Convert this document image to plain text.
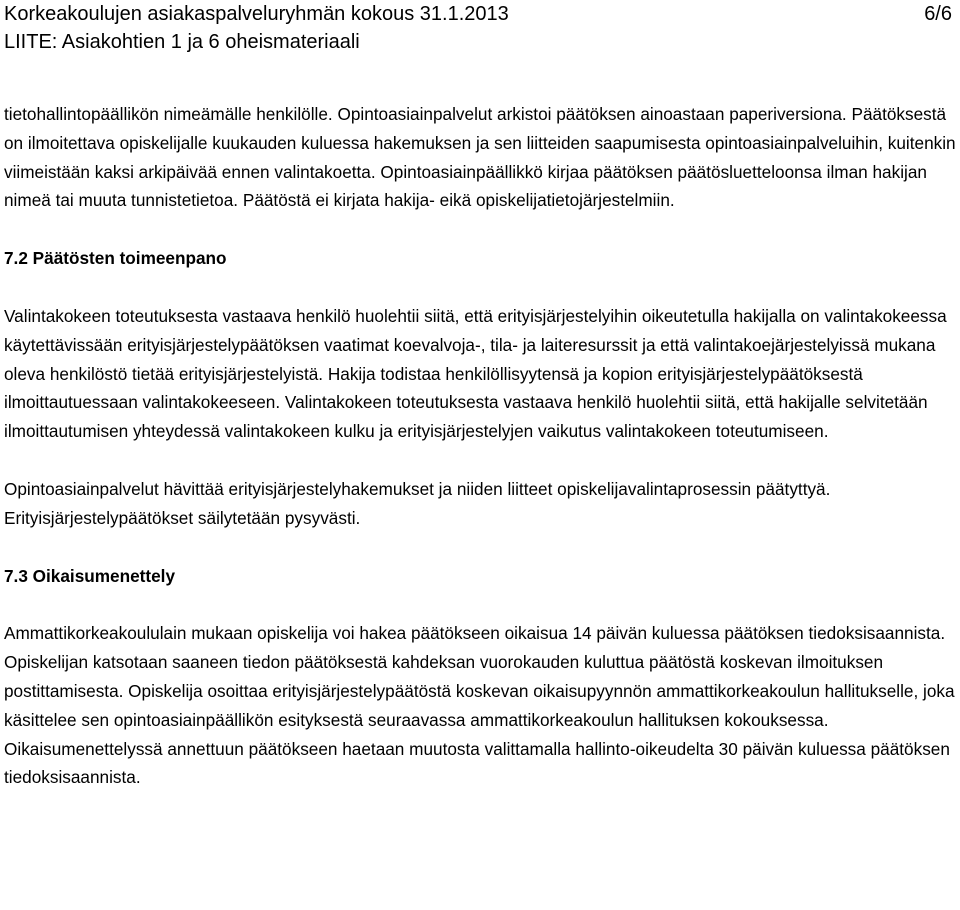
Korkeakoulujen asiakaspalveluryhmän kokous 31.1.2013
LIITE: Asiakohtien 1 ja 6 oheismateriaali
6/6

tietohallintopäällikön nimeämälle henkilölle. Opintoasiainpalvelut arkistoi päätöksen ainoastaan paperiversiona. Päätöksestä on ilmoitettava opiskelijalle kuukauden kuluessa hakemuksen ja sen liitteiden saapumisesta opintoasiainpalveluihin, kuitenkin viimeistään kaksi arkipäivää ennen valintakoetta. Opintoasiainpäällikkö kirjaa päätöksen päätösluetteloonsa ilman hakijan nimeä tai muuta tunnistetietoa. Päätöstä ei kirjata hakija- eikä opiskelijatietojärjestelmiin.

7.2 Päätösten toimeenpano

Valintakokeen toteutuksesta vastaava henkilö huolehtii siitä, että erityisjärjestelyihin oikeutetulla hakijalla on valintakokeessa käytettävissään erityisjärjestelypäätöksen vaatimat koevalvoja-, tila- ja laiteresurssit ja että valintakoejärjestelyissä mukana oleva henkilöstö tietää erityisjärjestelyistä. Hakija todistaa henkilöllisyytensä ja kopion erityisjärjestelypäätöksestä ilmoittautuessaan valintakokeeseen. Valintakokeen toteutuksesta vastaava henkilö huolehtii siitä, että hakijalle selvitetään ilmoittautumisen yhteydessä valintakokeen kulku ja erityisjärjestelyjen vaikutus valintakokeen toteutumiseen.

Opintoasiainpalvelut hävittää erityisjärjestelyhakemukset ja niiden liitteet opiskelijavalintaprosessin päätyttyä. Erityisjärjestelypäätökset säilytetään pysyvästi.

7.3 Oikaisumenettely

Ammattikorkeakoululain mukaan opiskelija voi hakea päätökseen oikaisua 14 päivän kuluessa päätöksen tiedoksisaannista. Opiskelijan katsotaan saaneen tiedon päätöksestä kahdeksan vuorokauden kuluttua päätöstä koskevan ilmoituksen postittamisesta. Opiskelija osoittaa erityisjärjestelypäätöstä koskevan oikaisupyynnön ammattikorkeakoulun hallitukselle, joka käsittelee sen opintoasiainpäällikön esityksestä seuraavassa ammattikorkeakoulun hallituksen kokouksessa. Oikaisumenettelyssä annettuun päätökseen haetaan muutosta valittamalla hallinto-oikeudelta 30 päivän kuluessa päätöksen tiedoksisaannista.
